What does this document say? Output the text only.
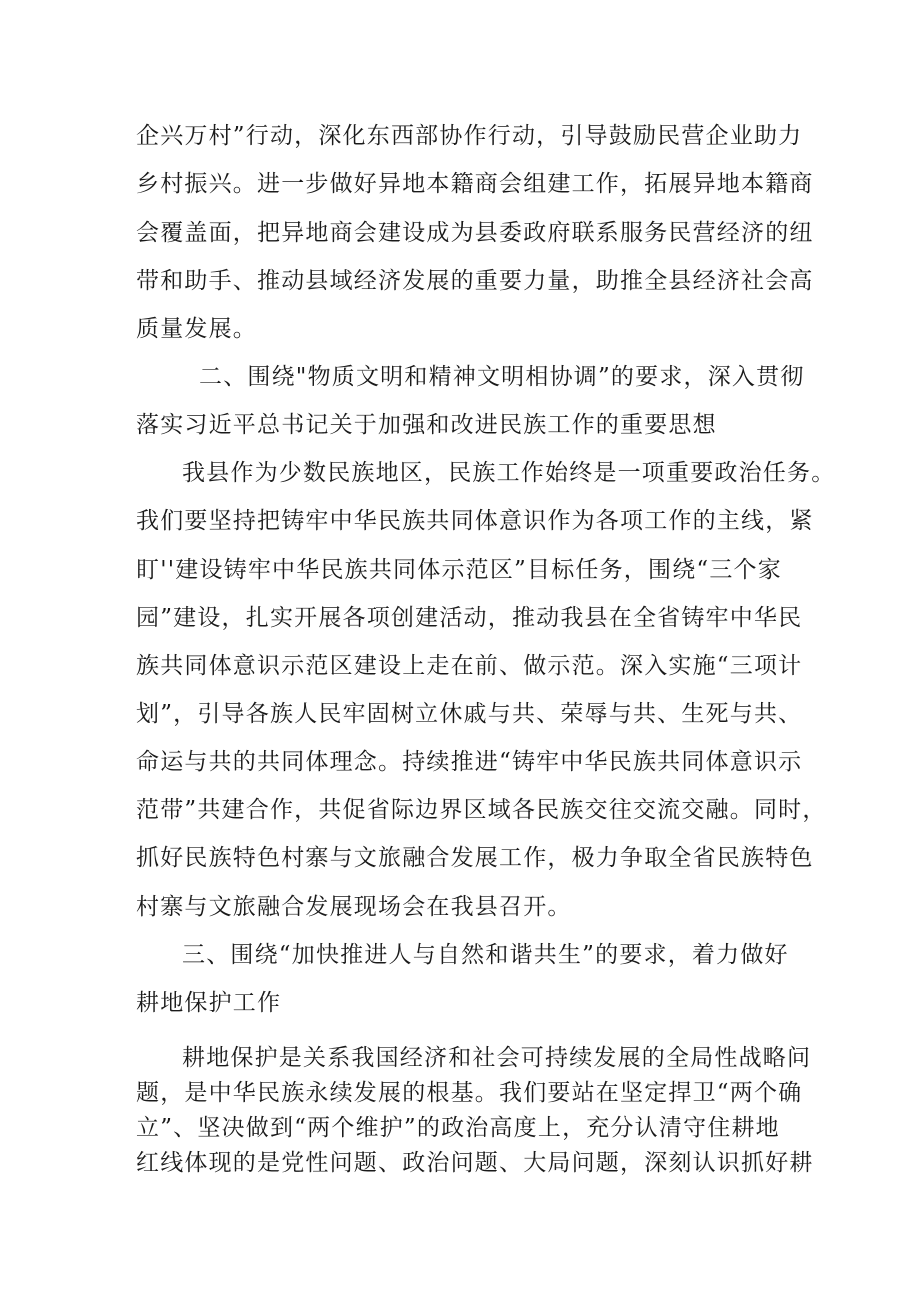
企兴万村”行动，深化东西部协作行动，引导鼓励民营企业助力
乡村振兴。进一步做好异地本籍商会组建工作，拓展异地本籍商
会覆盖面，把异地商会建设成为县委政府联系服务民营经济的纽
带和助手、推动县域经济发展的重要力量，助推全县经济社会高
质量发展。
二、围绕"物质文明和精神文明相协调”的要求，深入贯彻
落实习近平总书记关于加强和改进民族工作的重要思想
我县作为少数民族地区，民族工作始终是一项重要政治任务。
我们要坚持把铸牢中华民族共同体意识作为各项工作的主线，紧
盯''建设铸牢中华民族共同体示范区”目标任务，围绕“三个家
园”建设，扎实开展各项创建活动，推动我县在全省铸牢中华民
族共同体意识示范区建设上走在前、做示范。深入实施“三项计
划”，引导各族人民牢固树立休戚与共、荣辱与共、生死与共、
命运与共的共同体理念。持续推进“铸牢中华民族共同体意识示
范带”共建合作，共促省际边界区域各民族交往交流交融。同时，
抓好民族特色村寨与文旅融合发展工作，极力争取全省民族特色
村寨与文旅融合发展现场会在我县召开。
三、围绕“加快推进人与自然和谐共生”的要求，着力做好
耕地保护工作
耕地保护是关系我国经济和社会可持续发展的全局性战略问
题，是中华民族永续发展的根基。我们要站在坚定捍卫“两个确
立”、坚决做到“两个维护”的政治高度上，充分认清守住耕地
红线体现的是党性问题、政治问题、大局问题，深刻认识抓好耕
